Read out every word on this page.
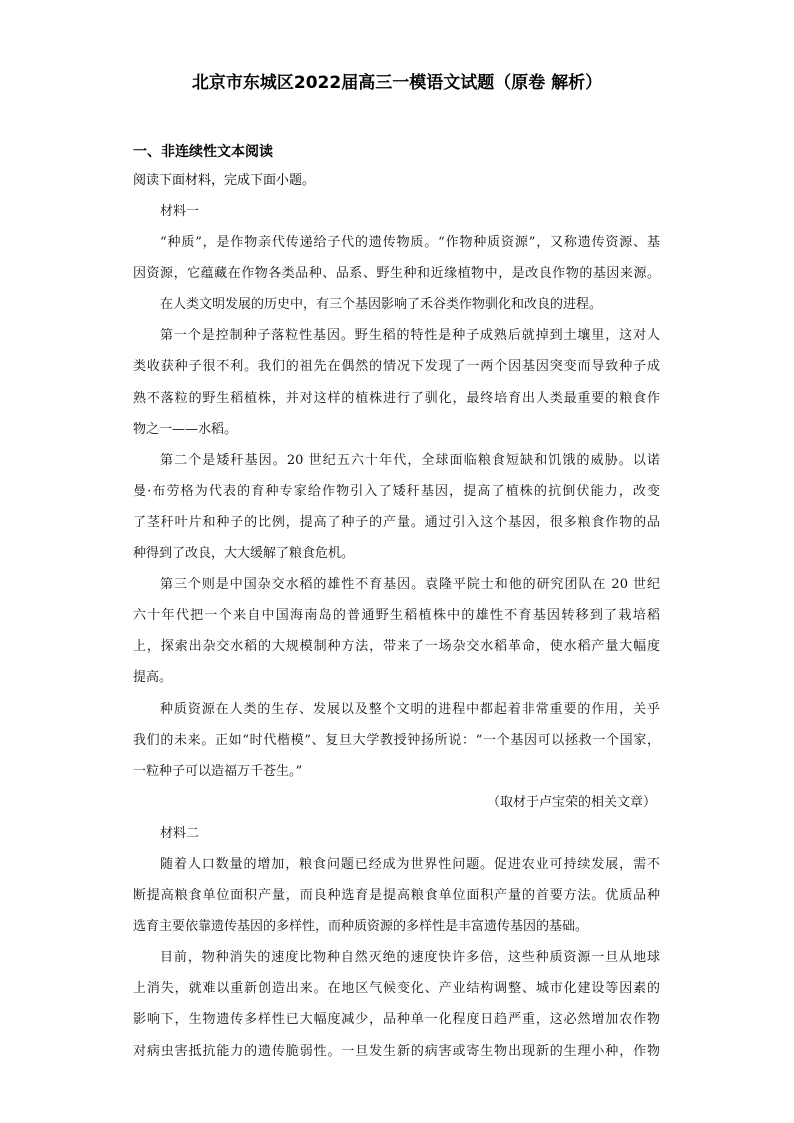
北京市东城区2022届高三一模语文试题（原卷 解析）
一、非连续性文本阅读
阅读下面材料，完成下面小题。
材料一
“种质”，是作物亲代传递给子代的遗传物质。“作物种质资源”，又称遗传资源、基
因资源，它蕴藏在作物各类品种、品系、野生种和近缘植物中，是改良作物的基因来源。
在人类文明发展的历史中，有三个基因影响了禾谷类作物驯化和改良的进程。
第一个是控制种子落粒性基因。野生稻的特性是种子成熟后就掉到土壤里，这对人
类收获种子很不利。我们的祖先在偶然的情况下发现了一两个因基因突变而导致种子成
熟不落粒的野生稻植株，并对这样的植株进行了驯化，最终培育出人类最重要的粮食作
物之一——水稻。
第二个是矮秆基因。20 世纪五六十年代，全球面临粮食短缺和饥饿的威胁。以诺
曼·布劳格为代表的育种专家给作物引入了矮秆基因，提高了植株的抗倒伏能力，改变
了茎秆叶片和种子的比例，提高了种子的产量。通过引入这个基因，很多粮食作物的品
种得到了改良，大大缓解了粮食危机。
第三个则是中国杂交水稻的雄性不育基因。袁隆平院士和他的研究团队在 20 世纪
六十年代把一个来自中国海南岛的普通野生稻植株中的雄性不育基因转移到了栽培稻
上，探索出杂交水稻的大规模制种方法，带来了一场杂交水稻革命，使水稻产量大幅度
提高。
种质资源在人类的生存、发展以及整个文明的进程中都起着非常重要的作用，关乎
我们的未来。正如“时代楷模”、复旦大学教授钟扬所说：“一个基因可以拯救一个国家，
一粒种子可以造福万千苍生。”
（取材于卢宝荣的相关文章）
材料二
随着人口数量的增加，粮食问题已经成为世界性问题。促进农业可持续发展，需不
断提高粮食单位面积产量，而良种选育是提高粮食单位面积产量的首要方法。优质品种
选育主要依靠遗传基因的多样性，而种质资源的多样性是丰富遗传基因的基础。
目前，物种消失的速度比物种自然灭绝的速度快许多倍，这些种质资源一旦从地球
上消失，就难以重新创造出来。在地区气候变化、产业结构调整、城市化建设等因素的
影响下，生物遗传多样性已大幅度减少，品种单一化程度日趋严重，这必然增加农作物
对病虫害抵抗能力的遗传脆弱性。一旦发生新的病害或寄生物出现新的生理小种，作物
